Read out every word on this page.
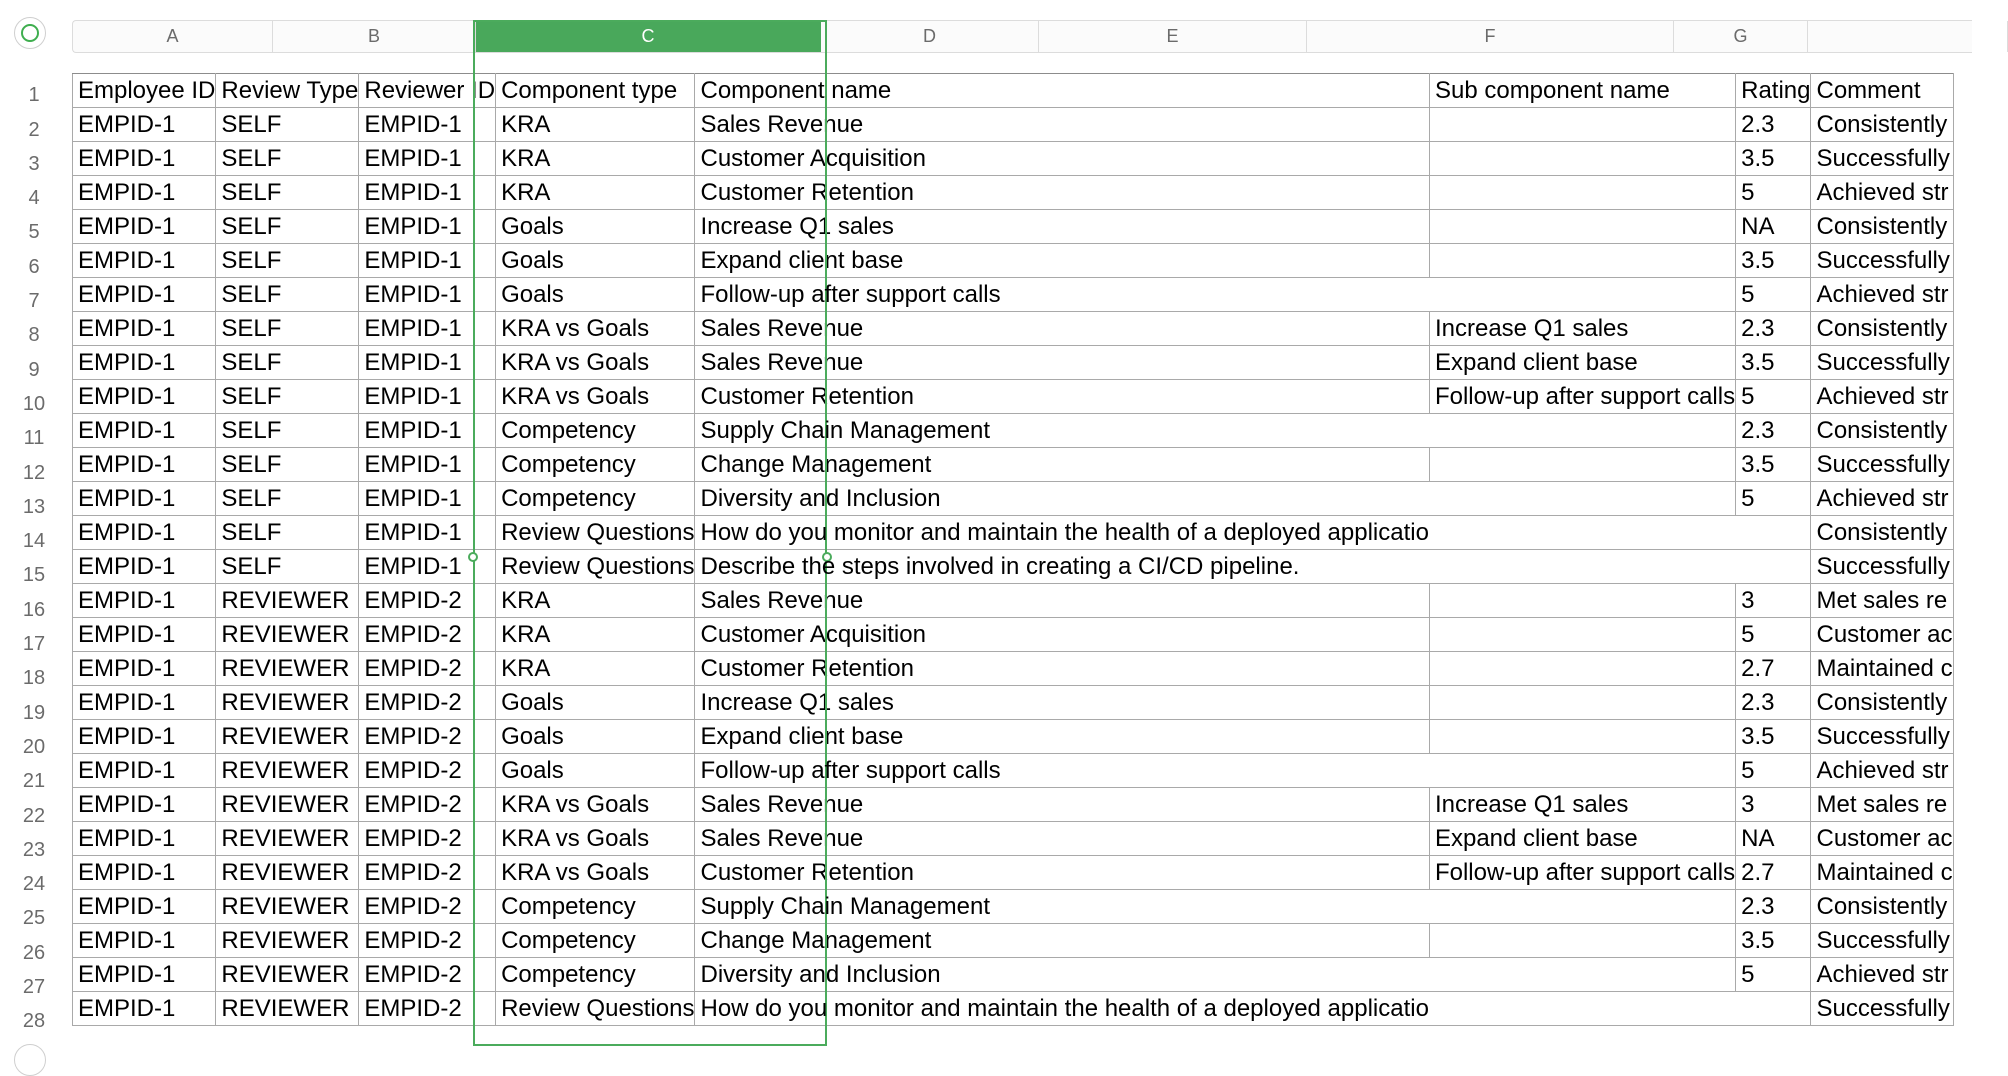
A	B	C	D	E	F	G
1
2
3
4
5
6
7
8
9
10
11
12
13
14
15
16
17
18
19
20
21
22
23
24
25
26
27
28
Employee ID	Review Type	Reviewer ID	Component type	Component name	Sub component name	Rating	Comment
EMPID-1	SELF	EMPID-1	KRA	Sales Revenue		2.3	Consistently
EMPID-1	SELF	EMPID-1	KRA	Customer Acquisition		3.5	Successfully
EMPID-1	SELF	EMPID-1	KRA	Customer Retention		5	Achieved str
EMPID-1	SELF	EMPID-1	Goals	Increase Q1 sales		NA	Consistently
EMPID-1	SELF	EMPID-1	Goals	Expand client base		3.5	Successfully
EMPID-1	SELF	EMPID-1	Goals	Follow-up after support calls		5	Achieved str
EMPID-1	SELF	EMPID-1	KRA vs Goals	Sales Revenue	Increase Q1 sales	2.3	Consistently
EMPID-1	SELF	EMPID-1	KRA vs Goals	Sales Revenue	Expand client base	3.5	Successfully
EMPID-1	SELF	EMPID-1	KRA vs Goals	Customer Retention	Follow-up after support calls	5	Achieved str
EMPID-1	SELF	EMPID-1	Competency	Supply Chain Management		2.3	Consistently
EMPID-1	SELF	EMPID-1	Competency	Change Management		3.5	Successfully
EMPID-1	SELF	EMPID-1	Competency	Diversity and Inclusion		5	Achieved str
EMPID-1	SELF	EMPID-1	Review Questions	How do you monitor and maintain the health of a deployed applicatio			Consistently
EMPID-1	SELF	EMPID-1	Review Questions	Describe the steps involved in creating a CI/CD pipeline.			Successfully
EMPID-1	REVIEWER	EMPID-2	KRA	Sales Revenue		3	Met sales re
EMPID-1	REVIEWER	EMPID-2	KRA	Customer Acquisition		5	Customer ac
EMPID-1	REVIEWER	EMPID-2	KRA	Customer Retention		2.7	Maintained c
EMPID-1	REVIEWER	EMPID-2	Goals	Increase Q1 sales		2.3	Consistently
EMPID-1	REVIEWER	EMPID-2	Goals	Expand client base		3.5	Successfully
EMPID-1	REVIEWER	EMPID-2	Goals	Follow-up after support calls		5	Achieved str
EMPID-1	REVIEWER	EMPID-2	KRA vs Goals	Sales Revenue	Increase Q1 sales	3	Met sales re
EMPID-1	REVIEWER	EMPID-2	KRA vs Goals	Sales Revenue	Expand client base	NA	Customer ac
EMPID-1	REVIEWER	EMPID-2	KRA vs Goals	Customer Retention	Follow-up after support calls	2.7	Maintained c
EMPID-1	REVIEWER	EMPID-2	Competency	Supply Chain Management		2.3	Consistently
EMPID-1	REVIEWER	EMPID-2	Competency	Change Management		3.5	Successfully
EMPID-1	REVIEWER	EMPID-2	Competency	Diversity and Inclusion		5	Achieved str
EMPID-1	REVIEWER	EMPID-2	Review Questions	How do you monitor and maintain the health of a deployed applicatio			Successfully
